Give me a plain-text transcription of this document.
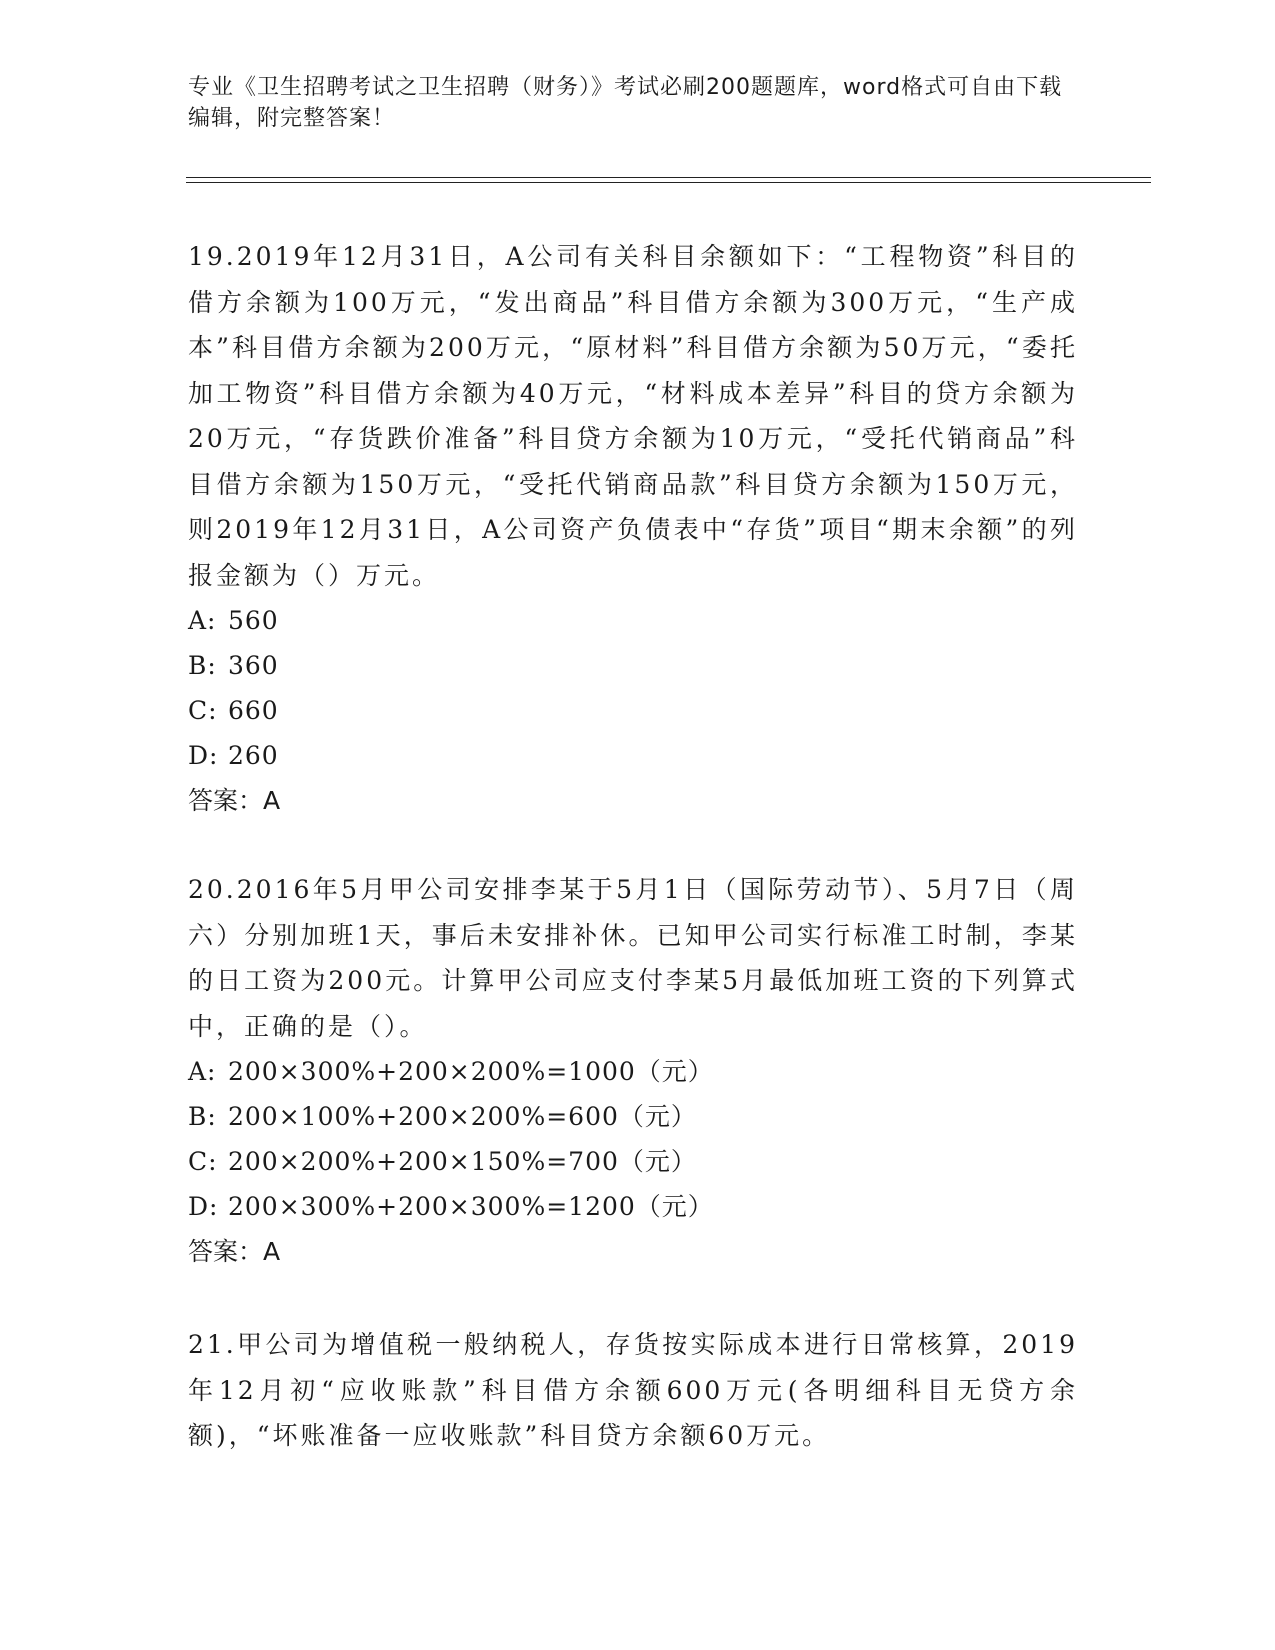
专业《卫生招聘考试之卫生招聘（财务）》考试必刷200题题库，word格式可自由下载编辑，附完整答案！

19.2019年12月31日，A公司有关科目余额如下：“工程物资”科目的借方余额为100万元，“发出商品”科目借方余额为300万元，“生产成本”科目借方余额为200万元，“原材料”科目借方余额为50万元，“委托加工物资”科目借方余额为40万元，“材料成本差异”科目的贷方余额为20万元，“存货跌价准备”科目贷方余额为10万元，“受托代销商品”科目借方余额为150万元，“受托代销商品款”科目贷方余额为150万元，则2019年12月31日，A公司资产负债表中“存货”项目“期末余额”的列报金额为（）万元。

A: 560
B: 360
C: 660
D: 260

答案：A

20.2016年5月甲公司安排李某于5月1日（国际劳动节）、5月7日（周六）分别加班1天，事后未安排补休。已知甲公司实行标准工时制，李某的日工资为200元。计算甲公司应支付李某5月最低加班工资的下列算式中，正确的是（）。

A: 200×300%+200×200%=1000（元）
B: 200×100%+200×200%=600（元）
C: 200×200%+200×150%=700（元）
D: 200×300%+200×300%=1200（元）

答案：A

21.甲公司为增值税一般纳税人，存货按实际成本进行日常核算，2019年12月初“应收账款”科目借方余额600万元(各明细科目无贷方余额)，“坏账准备一应收账款”科目贷方余额60万元。
